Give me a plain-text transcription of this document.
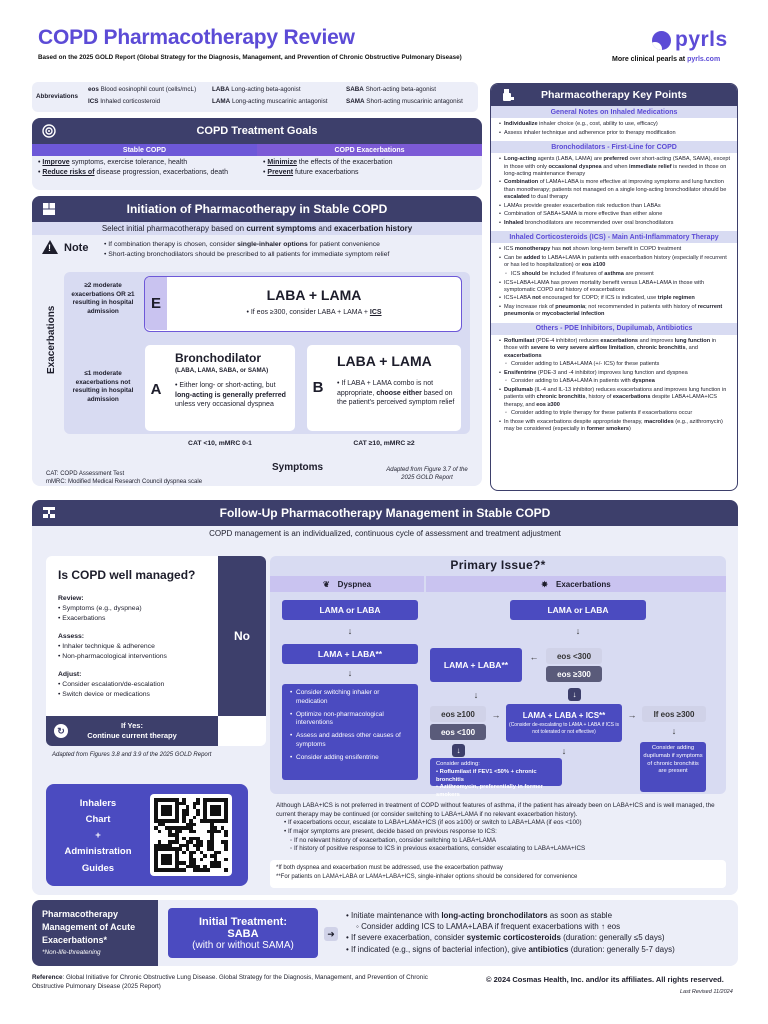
COPD Pharmacotherapy Review
Based on the 2025 GOLD Report (Global Strategy for the Diagnosis, Management, and Prevention of Chronic Obstructive Pulmonary Disease)
pyrls
More clinical pearls at pyrls.com
Abbreviations
eos Blood eosinophil count (cells/mcL)
ICS Inhaled corticosteroid
LABA Long-acting beta-agonist
LAMA Long-acting muscarinic antagonist
SABA Short-acting beta-agonist
SAMA Short-acting muscarinic antagonist
COPD Treatment Goals
Stable COPD
• Improve symptoms, exercise tolerance, health
• Reduce risks of disease progression, exacerbations, death
COPD Exacerbations
• Minimize the effects of the exacerbation
• Prevent future exacerbations
Initiation of Pharmacotherapy in Stable COPD
Select initial pharmacotherapy based on current symptoms and exacerbation history
!
Note • If combination therapy is chosen, consider single-inhaler options for patient convenience
• Short-acting bronchodilators should be prescribed to all patients for immediate symptom relief
Exacerbations
≥2 moderate exacerbations OR ≥1 resulting in hospital admission
≤1 moderate exacerbations not resulting in hospital admission
E	LABA + LAMA
• If eos ≥300, consider LABA + LAMA + ICS
A
Bronchodilator
(LABA, LAMA, SABA, or SAMA)
• Either long- or short-acting, but long-acting is generally preferred unless very occasional dyspnea
B
LABA + LAMA
• If LABA + LAMA combo is not appropriate, choose either based on the patient's perceived symptom relief
CAT <10, mMRC 0-1	CAT ≥10, mMRC ≥2
Symptoms
CAT: COPD Assessment Test
mMRC: Modified Medical Research Council dyspnea scale
Adapted from Figure 3.7 of the 2025 GOLD Report
Pharmacotherapy Key Points
General Notes on Inhaled Medications
• Individualize inhaler choice (e.g., cost, ability to use, efficacy)
• Assess inhaler technique and adherence prior to therapy modification
Bronchodilators - First-Line for COPD
• Long-acting agents (LABA, LAMA) are preferred over short-acting (SABA, SAMA), except in those with only occasional dyspnea and when immediate relief is needed in those on long-acting maintenance therapy
• Combination of LAMA+LABA is more effective at improving symptoms and lung function than monotherapy; patients not managed on a single long-acting bronchodilator should be escalated to dual therapy
• LAMAs provide greater exacerbation risk reduction than LABAs
• Combination of SABA+SAMA is more effective than either alone
• Inhaled bronchodilators are recommended over oral bronchodilators
Inhaled Corticosteroids (ICS) - Main Anti-Inflammatory Therapy
• ICS monotherapy has not shown long-term benefit in COPD treatment
• Can be added to LABA+LAMA in patients with exacerbation history (especially if recurrent or has led to hospitalization) or eos ≥100
◦ ICS should be included if features of asthma are present
• ICS+LABA+LAMA has proven mortality benefit versus LABA+LAMA in those with symptomatic COPD and history of exacerbations
• ICS+LABA not encouraged for COPD; if ICS is indicated, use triple regimen
• May increase risk of pneumonia; not recommended in patients with history of recurrent pneumonia or mycobacterial infection
Others - PDE Inhibitors, Dupilumab, Antibiotics
• Roflumilast (PDE-4 inhibitor) reduces exacerbations and improves lung function in those with severe to very severe airflow limitation, chronic bronchitis, and exacerbations
◦ Consider adding to LABA+LAMA (+/- ICS) for these patients
• Ensifentrine (PDE-3 and -4 inhibitor) improves lung function and dyspnea
◦ Consider adding to LABA+LAMA in patients with dyspnea
• Dupilumab (IL-4 and IL-13 inhibitor) reduces exacerbations and improves lung function in patients with chronic bronchitis, history of exacerbations despite LABA+LAMA+ICS therapy, and eos ≥300
◦ Consider adding to triple therapy for these patients if exacerbations occur
• In those with exacerbations despite appropriate therapy, macrolides (e.g., azithromycin) may be considered (especially in former smokers)
Follow-Up Pharmacotherapy Management in Stable COPD
COPD management is an individualized, continuous cycle of assessment and treatment adjustment
Is COPD well managed?
Review:
• Symptoms (e.g., dyspnea)
• Exacerbations
Assess:
• Inhaler technique & adherence
• Non-pharmacological interventions
Adjust:
• Consider escalation/de-escalation
• Switch device or medications
No
↻
If Yes:
Continue current therapy
Adapted from Figures 3.8 and 3.9 of the 2025 GOLD Report
Inhalers
Chart
+
Administration
Guides
Primary Issue?*
❦ Dyspnea	✸ Exacerbations
LAMA or LABA
↓
LAMA + LABA**
↓
• Consider switching inhaler or medication
• Optimize non-pharmacological interventions
• Assess and address other causes of symptoms
• Consider adding ensifentrine
LAMA or LABA
↓
LAMA + LABA**
←	eos <300
eos ≥300
↓
↓
eos ≥100
eos <100
→	LAMA + LABA + ICS**
(Consider de-escalating to LAMA + LABA if ICS is not tolerated or not effective)
→	If eos ≥300
↓	↓
↓
Consider adding:
• Roflumilast if FEV1 <50% + chronic bronchitis
• Azithromycin, preferentially in former smokers
Consider adding dupilumab if symptoms of chronic bronchitis are present
Although LABA+ICS is not preferred in treatment of COPD without features of asthma, if the patient has already been on LABA+ICS and is well managed, the current therapy may be continued (or consider switching to LABA+LAMA if no relevant exacerbation history).
• If exacerbations occur, escalate to LABA+LAMA+ICS (if eos ≥100) or switch to LABA+LAMA (if eos <100)
• If major symptoms are present, decide based on previous response to ICS:
◦ If no relevant history of exacerbation, consider switching to LABA+LAMA
◦ If history of positive response to ICS in previous exacerbations, consider escalating to LABA+LAMA+ICS
*If both dyspnea and exacerbation must be addressed, use the exacerbation pathway
**For patients on LAMA+LABA or LAMA+LABA+ICS, single-inhaler options should be considered for convenience
Pharmacotherapy Management of Acute Exacerbations*
*Non-life-threatening
Initial Treatment:
SABA
(with or without SAMA)
➜
• Initiate maintenance with long-acting bronchodilators as soon as stable
◦ Consider adding ICS to LAMA+LABA if frequent exacerbations with ↑ eos
• If severe exacerbation, consider systemic corticosteroids (duration: generally ≤5 days)
• If indicated (e.g., signs of bacterial infection), give antibiotics (duration: generally 5-7 days)
Reference: Global Initiative for Chronic Obstructive Lung Disease. Global Strategy for the Diagnosis, Management, and Prevention of Chronic Obstructive Pulmonary Disease (2025 Report)
© 2024 Cosmas Health, Inc. and/or its affiliates. All rights reserved.
Last Revised 11/2024
